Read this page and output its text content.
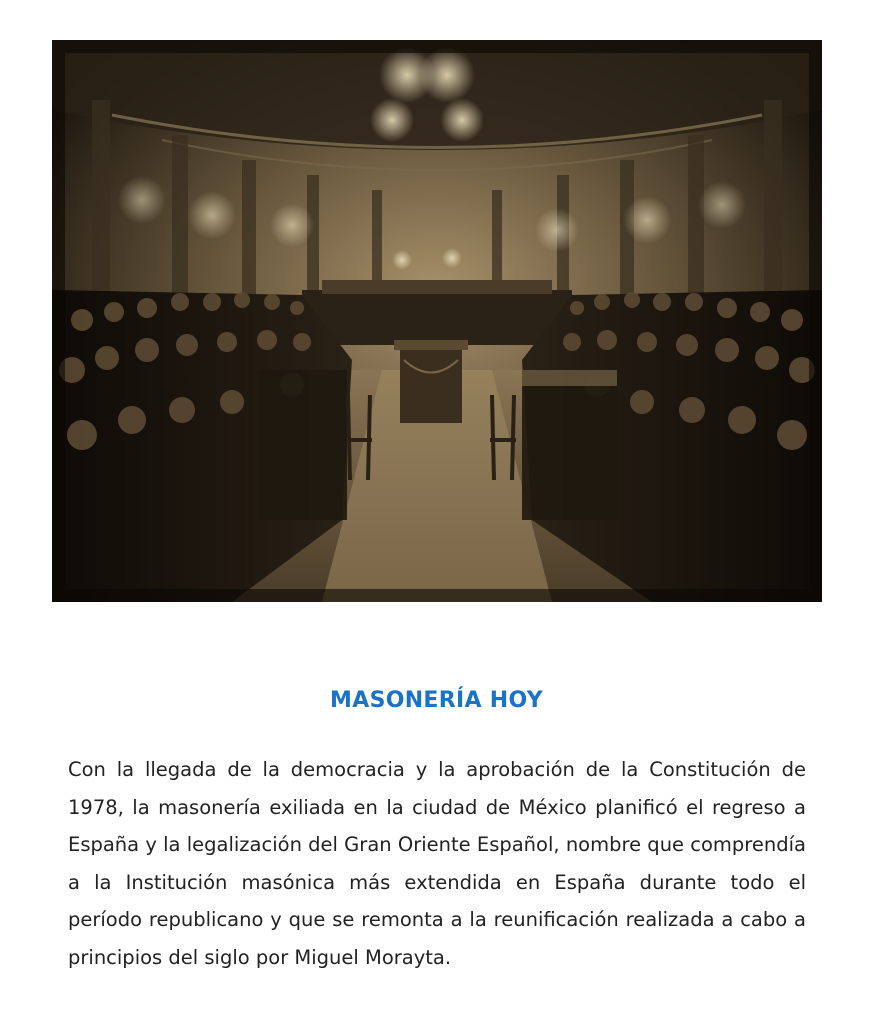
MASONERÍA HOY

Con la llegada de la democracia y la aprobación de la Constitución de 1978, la masonería exiliada en la ciudad de México planificó el regreso a España y la legalización del Gran Oriente Español, nombre que comprendía a la Institución masónica más extendida en España durante todo el período republicano y que se remonta a la reunificación realizada a cabo a principios del siglo por Miguel Morayta.
